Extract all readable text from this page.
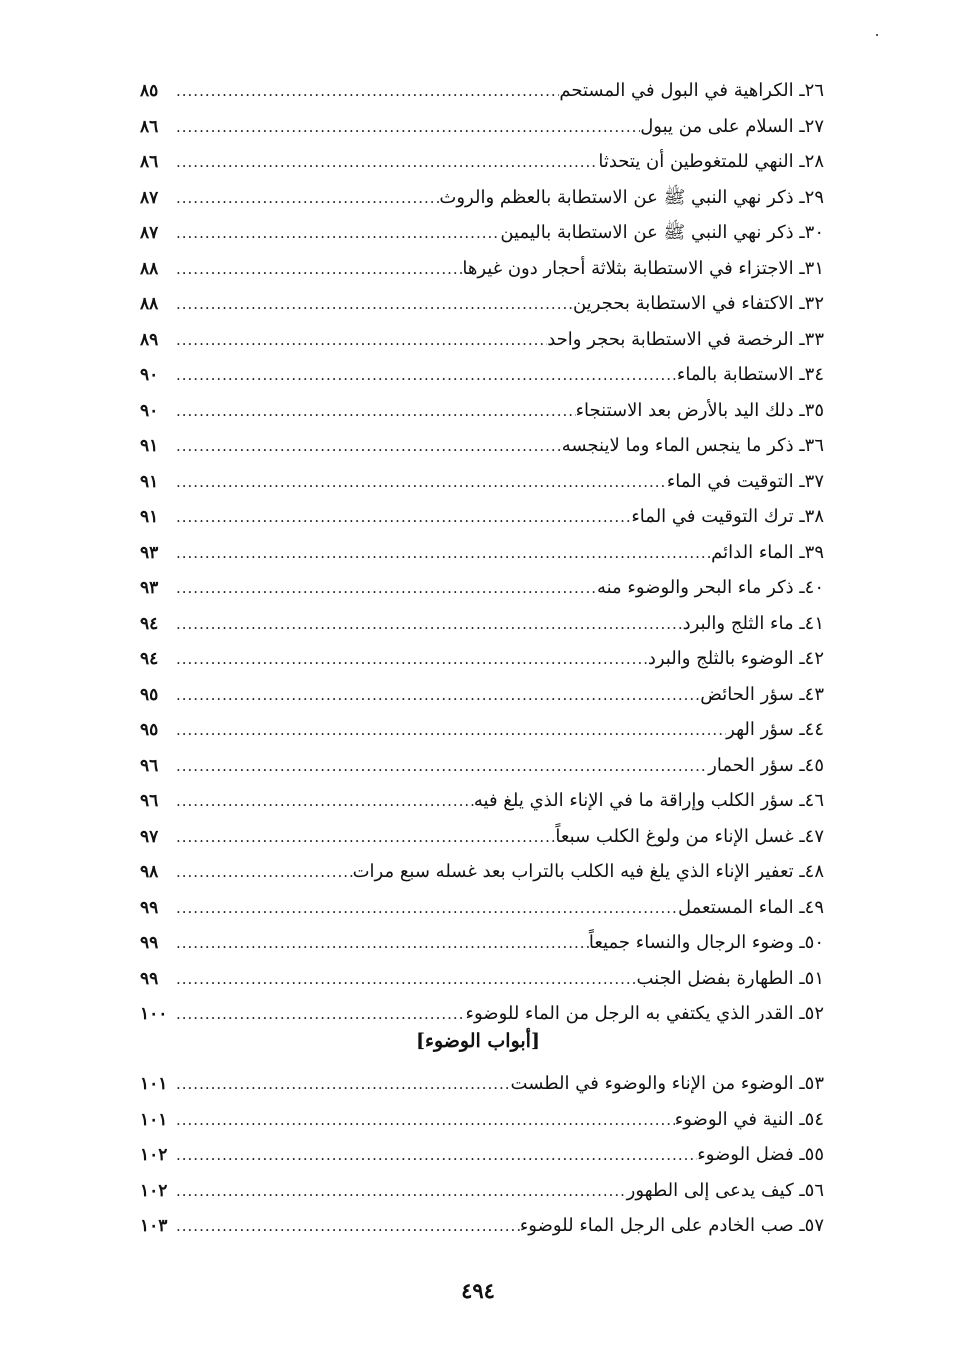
٢٦ـ الكراهية في البول في المستحم
.....
٨٥
٢٧ـ السلام على من يبول
.....
٨٦
٢٨ـ النهي للمتغوطين أن يتحدثا
.....
٨٦
٢٩ـ ذكر نهي النبي ﷺ عن الاستطابة بالعظم والروث
.....
٨٧
٣٠ـ ذكر نهي النبي ﷺ عن الاستطابة باليمين
.....
٨٧
٣١ـ الاجتزاء في الاستطابة بثلاثة أحجار دون غيرها
.....
٨٨
٣٢ـ الاكتفاء في الاستطابة بحجرين
.....
٨٨
٣٣ـ الرخصة في الاستطابة بحجر واحد
.....
٨٩
٣٤ـ الاستطابة بالماء
.....
٩٠
٣٥ـ دلك اليد بالأرض بعد الاستنجاء
.....
٩٠
٣٦ـ ذكر ما ينجس الماء وما لاينجسه
.....
٩١
٣٧ـ التوقيت في الماء
.....
٩١
٣٨ـ ترك التوقيت في الماء
.....
٩١
٣٩ـ الماء الدائم
.....
٩٣
٤٠ـ ذكر ماء البحر والوضوء منه
.....
٩٣
٤١ـ ماء الثلج والبرد
.....
٩٤
٤٢ـ الوضوء بالثلج والبرد
.....
٩٤
٤٣ـ سؤر الحائض
.....
٩٥
٤٤ـ سؤر الهر
.....
٩٥
٤٥ـ سؤر الحمار
.....
٩٦
٤٦ـ سؤر الكلب وإراقة ما في الإناء الذي يلغ فيه
.....
٩٦
٤٧ـ غسل الإناء من ولوغ الكلب سبعاً
.....
٩٧
٤٨ـ تعفير الإناء الذي يلغ فيه الكلب بالتراب بعد غسله سبع مرات
.....
٩٨
٤٩ـ الماء المستعمل
.....
٩٩
٥٠ـ وضوء الرجال والنساء جميعاً
.....
٩٩
٥١ـ الطهارة بفضل الجنب
.....
٩٩
٥٢ـ القدر الذي يكتفي به الرجل من الماء للوضوء
.....
١٠٠
[أبواب الوضوء]
٥٣ـ الوضوء من الإناء والوضوء في الطست
.....
١٠١
٥٤ـ النية في الوضوء
.....
١٠١
٥٥ـ فضل الوضوء
.....
١٠٢
٥٦ـ كيف يدعى إلى الطهور
.....
١٠٢
٥٧ـ صب الخادم على الرجل الماء للوضوء
.....
١٠٣
٤٩٤
